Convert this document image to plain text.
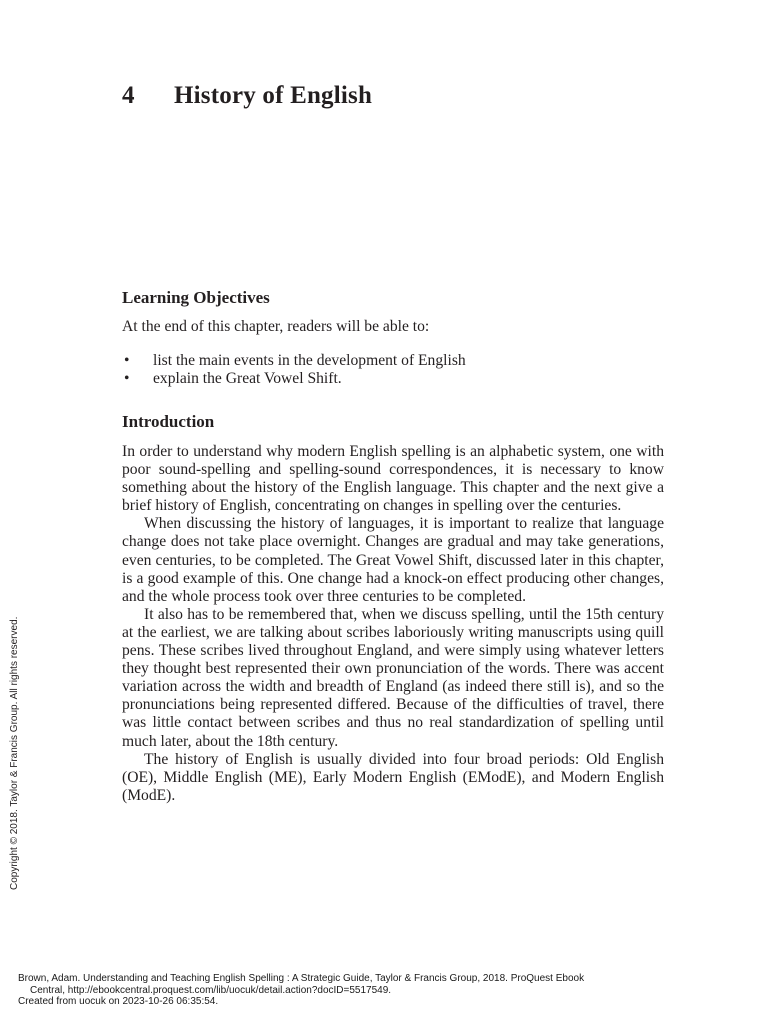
4 History of English
Learning Objectives
At the end of this chapter, readers will be able to:
• list the main events in the development of English
• explain the Great Vowel Shift.
Introduction

In order to understand why modern English spelling is an alphabetic system, one with poor sound-spelling and spelling-sound correspondences, it is necessary to know something about the history of the English language. This chapter and the next give a brief history of English, concentrating on changes in spelling over the centuries.

When discussing the history of languages, it is important to realize that language change does not take place overnight. Changes are gradual and may take generations, even centuries, to be completed. The Great Vowel Shift, discussed later in this chapter, is a good example of this. One change had a knock-on effect producing other changes, and the whole process took over three centuries to be completed.

It also has to be remembered that, when we discuss spelling, until the 15th century at the earliest, we are talking about scribes laboriously writing manuscripts using quill pens. These scribes lived throughout England, and were simply using whatever letters they thought best represented their own pronunciation of the words. There was accent variation across the width and breadth of England (as indeed there still is), and so the pronunciations being represented differed. Because of the difficulties of travel, there was little contact between scribes and thus no real standardization of spelling until much later, about the 18th century.

The history of English is usually divided into four broad periods: Old English (OE), Middle English (ME), Early Modern English (EModE), and Modern English (ModE).

Copyright © 2018. Taylor & Francis Group. All rights reserved.
Brown, Adam. Understanding and Teaching English Spelling : A Strategic Guide, Taylor & Francis Group, 2018. ProQuest Ebook
Central, http://ebookcentral.proquest.com/lib/uocuk/detail.action?docID=5517549.
Created from uocuk on 2023-10-26 06:35:54.
